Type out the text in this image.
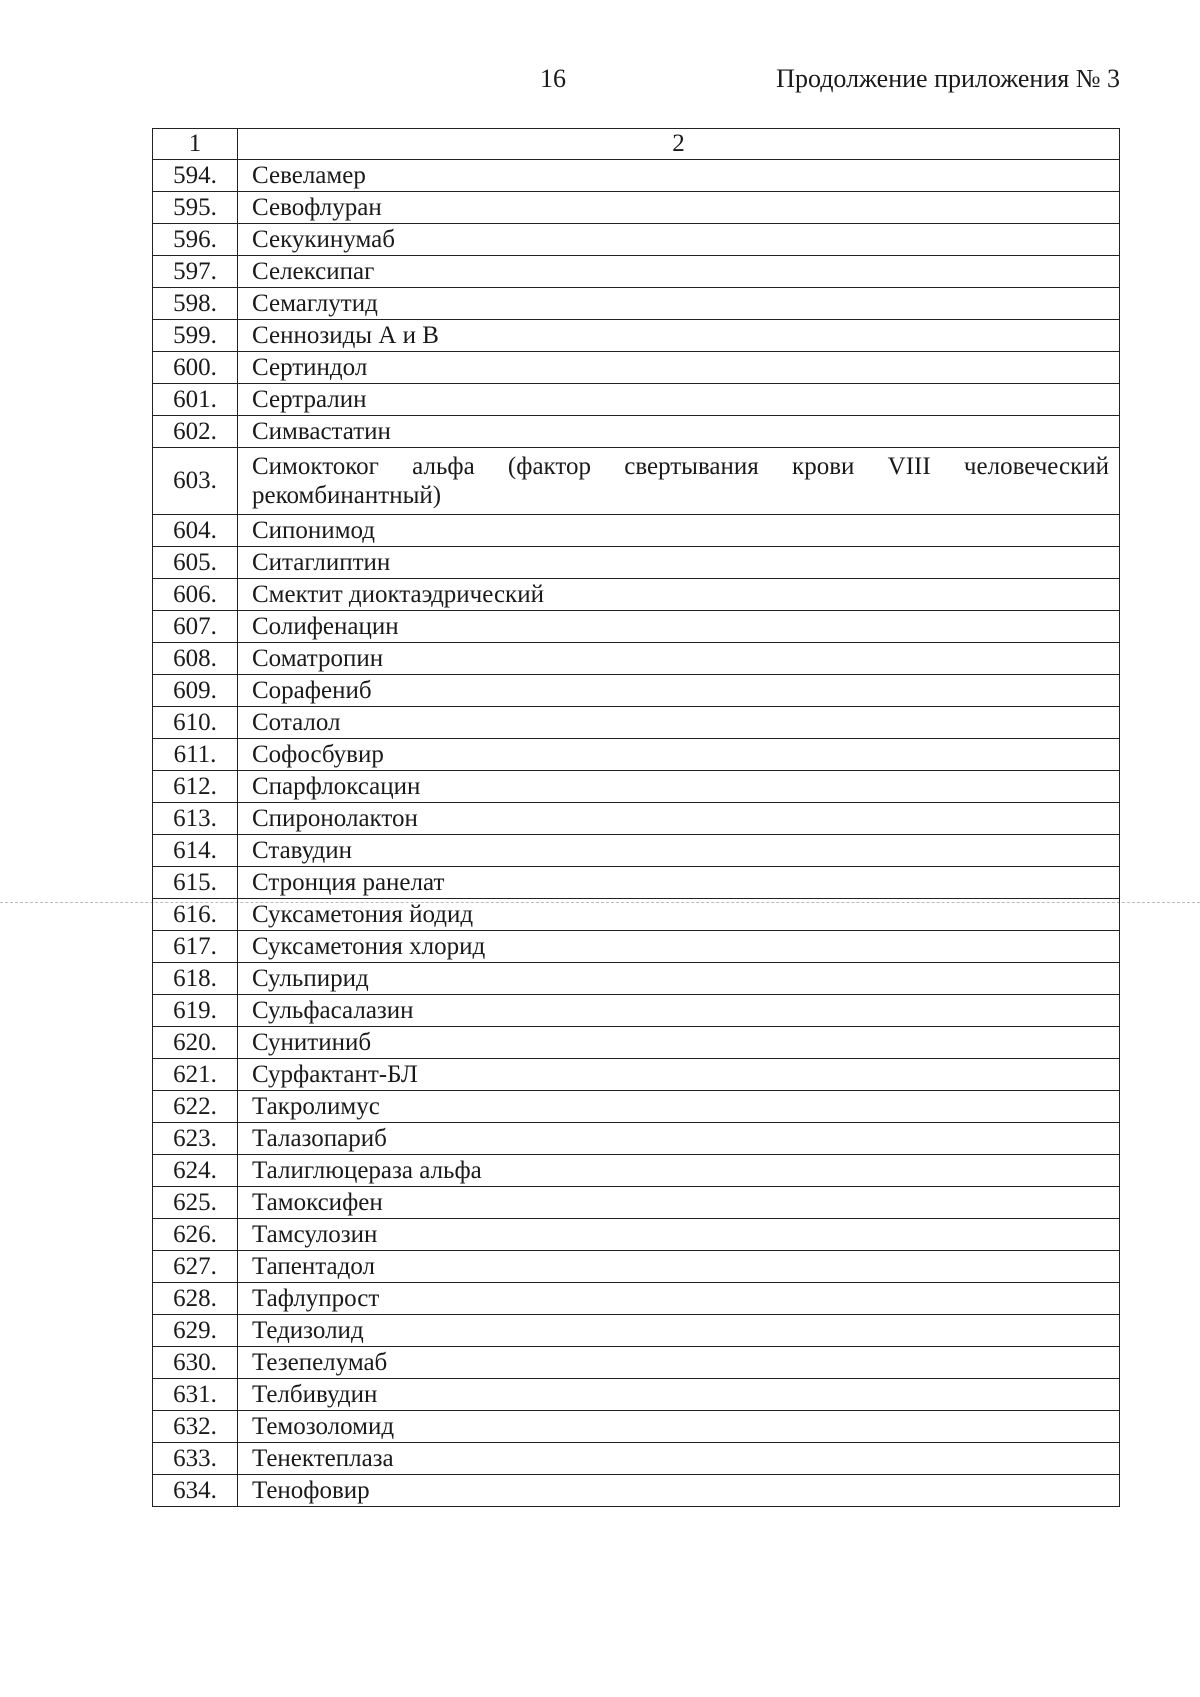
16	Продолжение приложения № 3
1	2
594.	Севеламер
595.	Севофлуран
596.	Секукинумаб
597.	Селексипаг
598.	Семаглутид
599.	Сеннозиды А и В
600.	Сертиндол
601.	Сертралин
602.	Симвастатин
603.	Симоктоког альфа (фактор свертывания крови VIII человеческий рекомбинантный)
604.	Сипонимод
605.	Ситаглиптин
606.	Смектит диоктаэдрический
607.	Солифенацин
608.	Соматропин
609.	Сорафениб
610.	Соталол
611.	Софосбувир
612.	Спарфлоксацин
613.	Спиронолактон
614.	Ставудин
615.	Стронция ранелат
616.	Суксаметония йодид
617.	Суксаметония хлорид
618.	Сульпирид
619.	Сульфасалазин
620.	Сунитиниб
621.	Сурфактант-БЛ
622.	Такролимус
623.	Талазопариб
624.	Талиглюцераза альфа
625.	Тамоксифен
626.	Тамсулозин
627.	Тапентадол
628.	Тафлупрост
629.	Тедизолид
630.	Тезепелумаб
631.	Телбивудин
632.	Темозоломид
633.	Тенектеплаза
634.	Тенофовир
